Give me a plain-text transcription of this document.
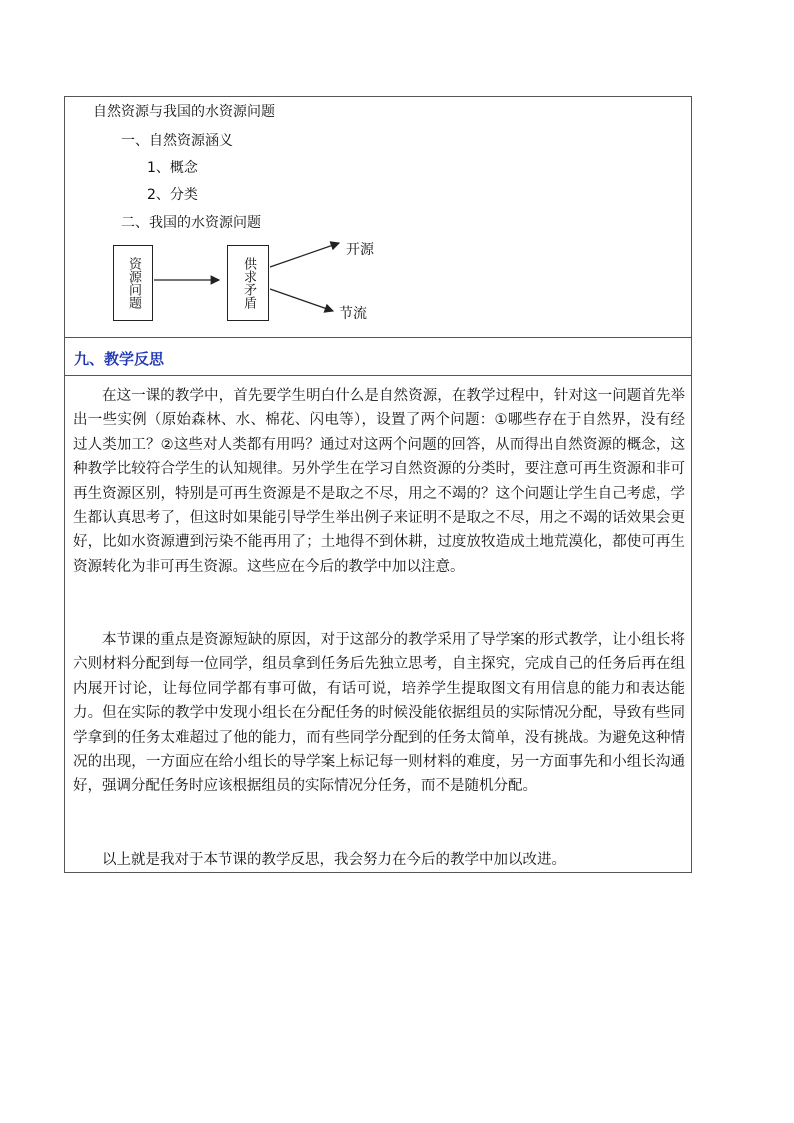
自然资源与我国的水资源问题
一、自然资源涵义
1、概念
2、分类
二、我国的水资源问题
资源问题	供求矛盾
开源
节流
九、教学反思

在这一课的教学中，首先要学生明白什么是自然资源，在教学过程中，针对这一问题首先举出一些实例（原始森林、水、棉花、闪电等），设置了两个问题：①哪些存在于自然界，没有经过人类加工？②这些对人类都有用吗？通过对这两个问题的回答，从而得出自然资源的概念，这种教学比较符合学生的认知规律。另外学生在学习自然资源的分类时，要注意可再生资源和非可再生资源区别，特别是可再生资源是不是取之不尽，用之不竭的？这个问题让学生自己考虑，学生都认真思考了，但这时如果能引导学生举出例子来证明不是取之不尽，用之不竭的话效果会更好，比如水资源遭到污染不能再用了；土地得不到休耕，过度放牧造成土地荒漠化，都使可再生资源转化为非可再生资源。这些应在今后的教学中加以注意。

本节课的重点是资源短缺的原因，对于这部分的教学采用了导学案的形式教学，让小组长将六则材料分配到每一位同学，组员拿到任务后先独立思考，自主探究，完成自己的任务后再在组内展开讨论，让每位同学都有事可做，有话可说，培养学生提取图文有用信息的能力和表达能力。但在实际的教学中发现小组长在分配任务的时候没能依据组员的实际情况分配，导致有些同学拿到的任务太难超过了他的能力，而有些同学分配到的任务太简单，没有挑战。为避免这种情况的出现，一方面应在给小组长的导学案上标记每一则材料的难度，另一方面事先和小组长沟通好，强调分配任务时应该根据组员的实际情况分任务，而不是随机分配。

以上就是我对于本节课的教学反思，我会努力在今后的教学中加以改进。
